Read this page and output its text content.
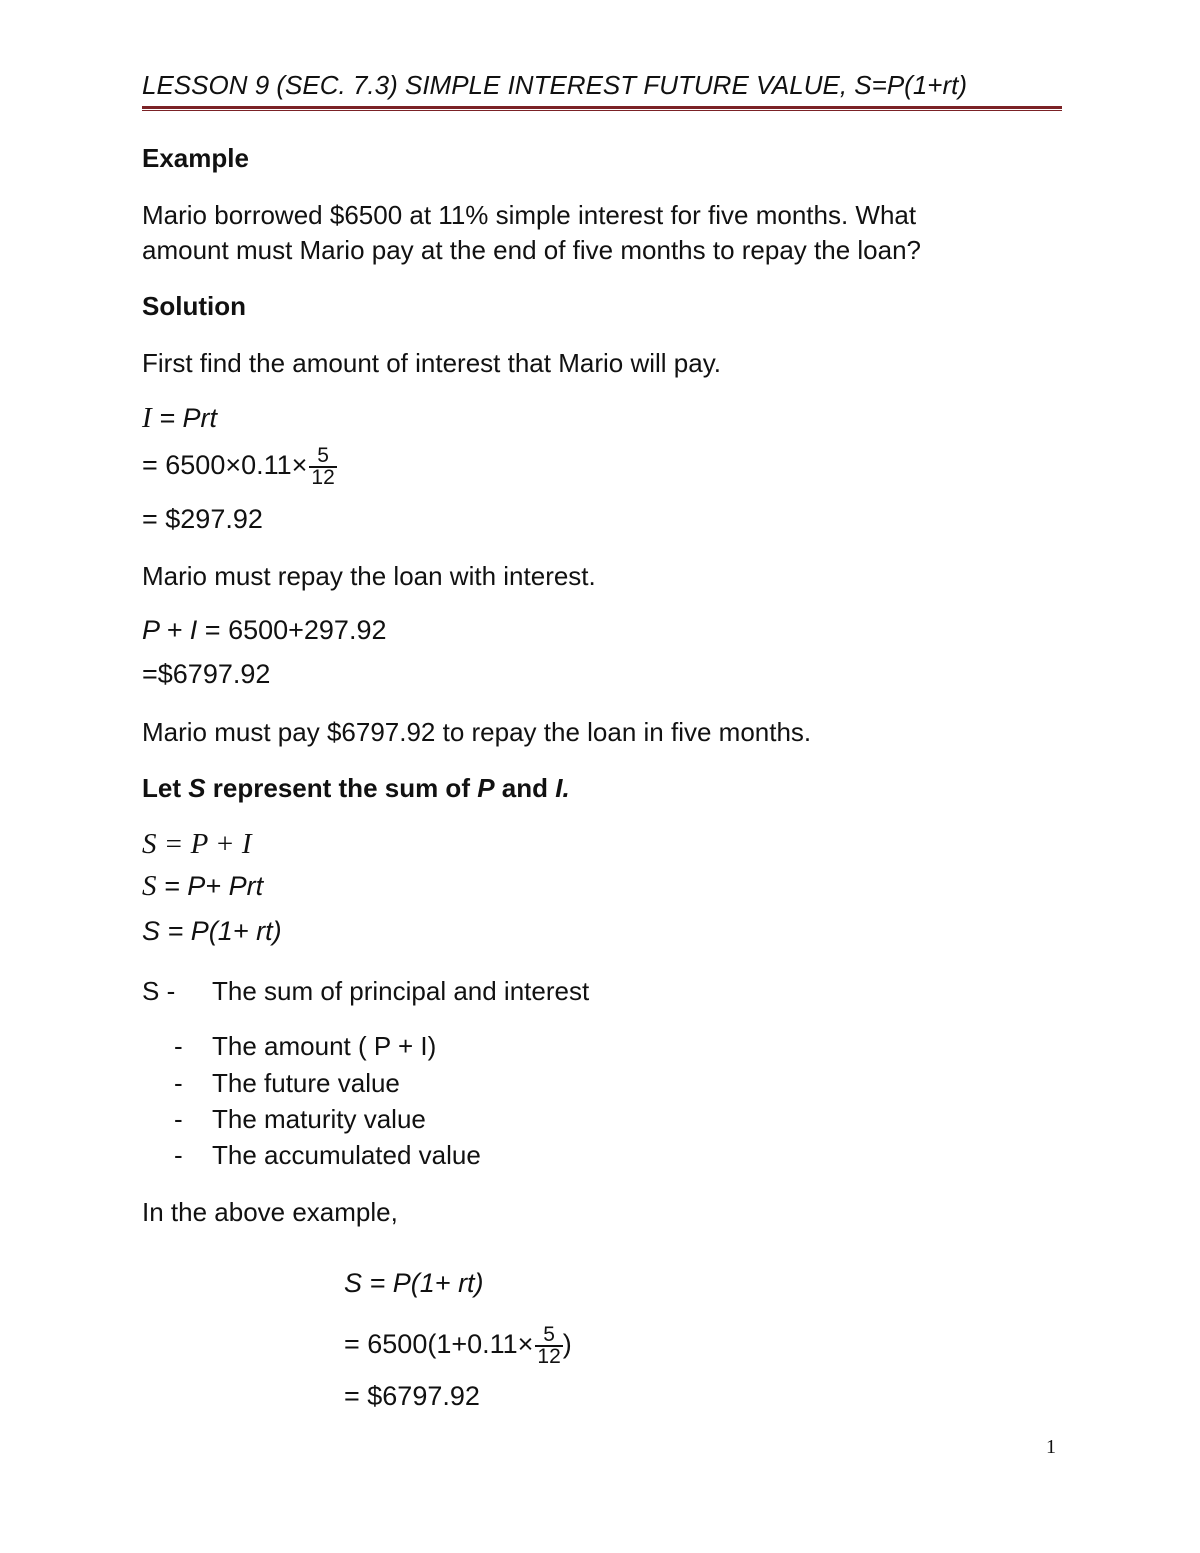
LESSON 9 (SEC. 7.3) SIMPLE INTEREST FUTURE VALUE, S=P(1+rt)
Example
Mario borrowed $6500 at 11% simple interest for five months. What
amount must Mario pay at the end of five months to repay the loan?
Solution
First find the amount of interest that Mario will pay.
I = Prt
= $6500\times 0.11\times \frac{5}{12}$
= $297.92
Mario must repay the loan with interest.
P + I = 6500+297.92
=$6797.92
Mario must pay $6797.92 to repay the loan in five months.
Let S represent the sum of P and I.
S = P + I
S = P+ Prt
S = P(1+ rt)
S - The sum of principal and interest
- The amount ( P + I)
- The future value
- The maturity value
- The accumulated value
In the above example,
S = P(1+ rt)
= $6500(1+0.11\times \frac{5}{12}$ )
= $6797.92
1
